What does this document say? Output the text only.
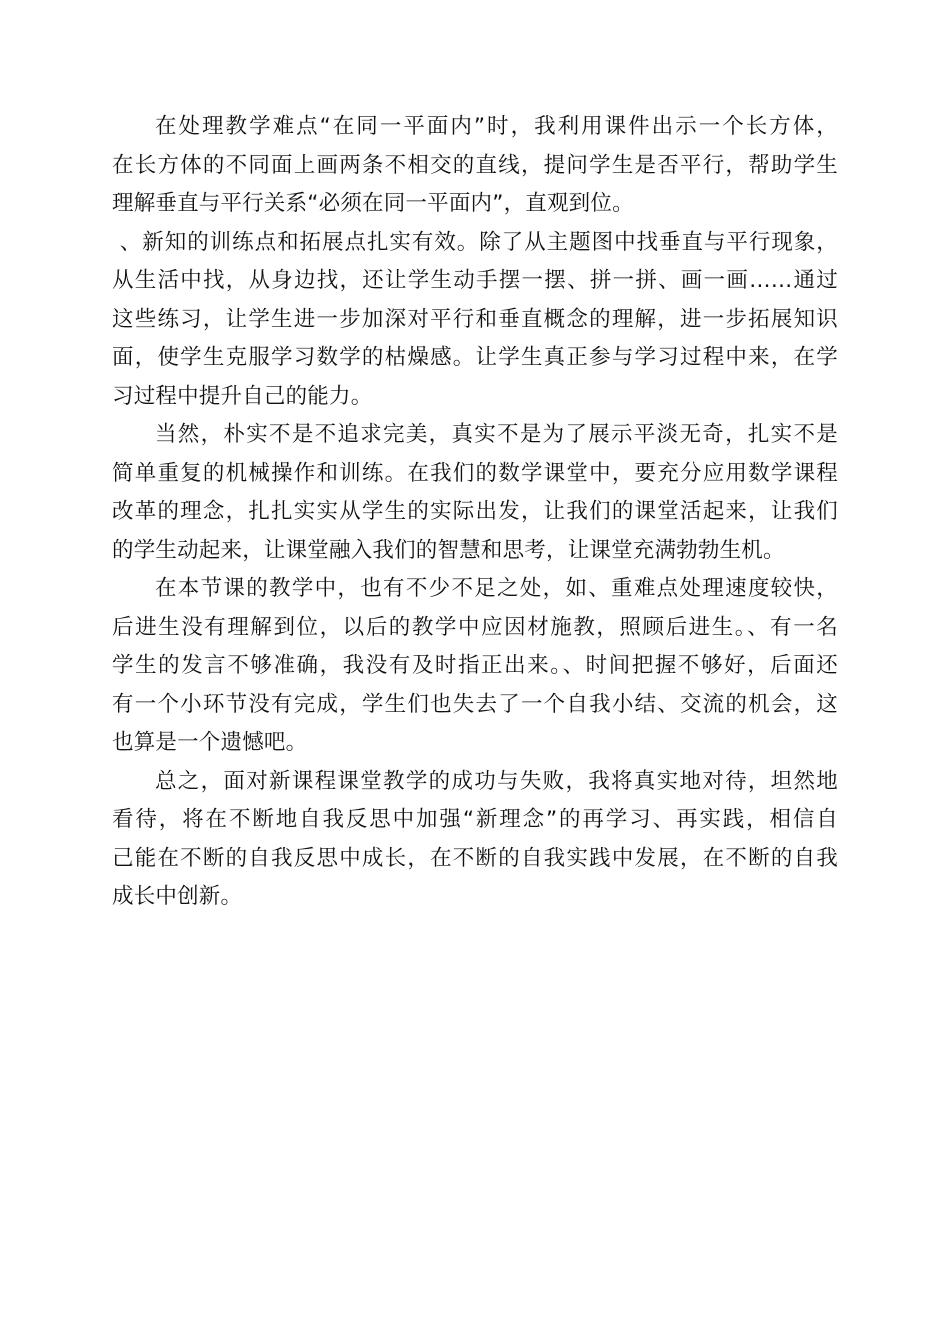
在处理教学难点“在同一平面内”时，我利用课件出示一个长方体，
在长方体的不同面上画两条不相交的直线，提问学生是否平行，帮助学生
理解垂直与平行关系“必须在同一平面内”，直观到位。
、新知的训练点和拓展点扎实有效。除了从主题图中找垂直与平行现象，
从生活中找，从身边找，还让学生动手摆一摆、拼一拼、画一画……通过
这些练习，让学生进一步加深对平行和垂直概念的理解，进一步拓展知识
面，使学生克服学习数学的枯燥感。让学生真正参与学习过程中来，在学
习过程中提升自己的能力。
当然，朴实不是不追求完美，真实不是为了展示平淡无奇，扎实不是
简单重复的机械操作和训练。在我们的数学课堂中，要充分应用数学课程
改革的理念，扎扎实实从学生的实际出发，让我们的课堂活起来，让我们
的学生动起来，让课堂融入我们的智慧和思考，让课堂充满勃勃生机。
在本节课的教学中，也有不少不足之处，如、重难点处理速度较快，
后进生没有理解到位，以后的教学中应因材施教，照顾后进生。、有一名
学生的发言不够准确，我没有及时指正出来。、时间把握不够好，后面还
有一个小环节没有完成，学生们也失去了一个自我小结、交流的机会，这
也算是一个遗憾吧。
总之，面对新课程课堂教学的成功与失败，我将真实地对待，坦然地
看待，将在不断地自我反思中加强“新理念”的再学习、再实践，相信自
己能在不断的自我反思中成长，在不断的自我实践中发展，在不断的自我
成长中创新。
